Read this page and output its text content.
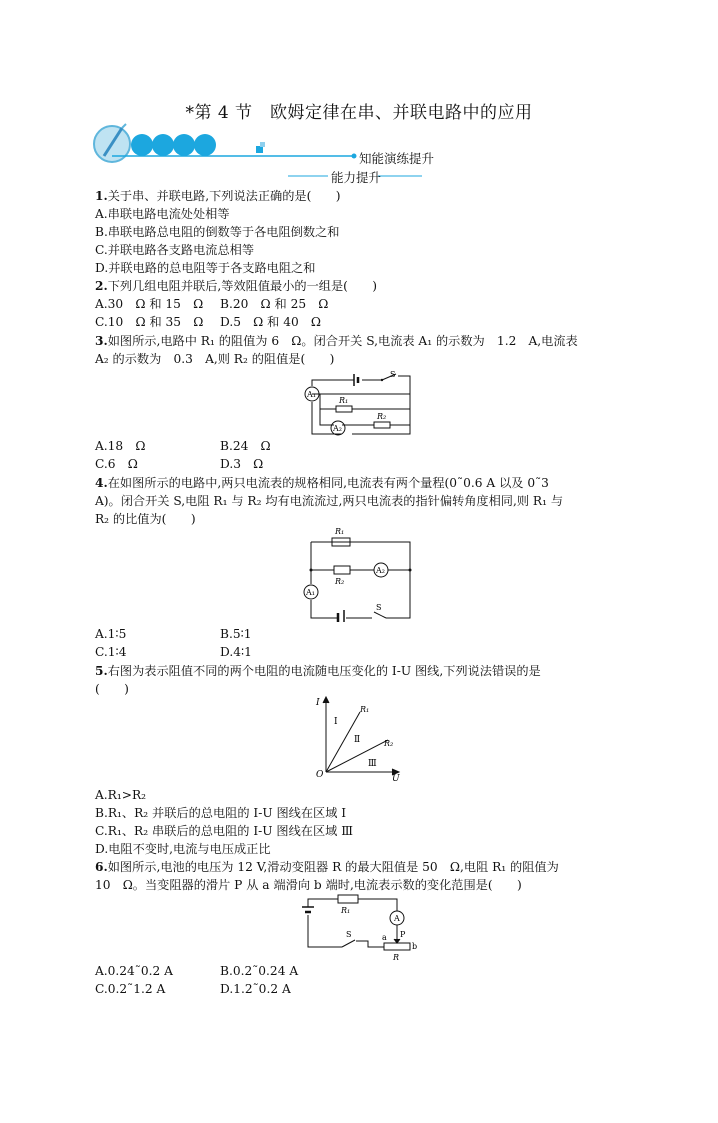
*第 4 节　欧姆定律在串、并联电路中的应用
知能演练提升
能力提升
1.关于串、并联电路,下列说法正确的是(　　)
A.串联电路电流处处相等
B.串联电路总电阻的倒数等于各电阻倒数之和
C.并联电路各支路电流总相等
D.并联电路的总电阻等于各支路电阻之和
2.下列几组电阻并联后,等效阻值最小的一组是(　　)
A.30　Ω 和 15　Ω B.20　Ω 和 25　Ω
C.10　Ω 和 35　Ω D.5　Ω 和 40　Ω
3.如图所示,电路中 R₁ 的阻值为 6　Ω。闭合开关 S,电流表 A₁ 的示数为　1.2　A,电流表
A₂ 的示数为　0.3　A,则 R₂ 的阻值是(　　)
A₁
A₂
R₁
R₂
S
A.18　Ω	B.24　Ω
C.6　Ω	D.3　Ω
4.在如图所示的电路中,两只电流表的规格相同,电流表有两个量程(0˜0.6 A 以及 0˜3
A)。闭合开关 S,电阻 R₁ 与 R₂ 均有电流流过,两只电流表的指针偏转角度相同,则 R₁ 与
R₂ 的比值为(　　)
R₁
R₂
A₂
A₁
S
A.1∶5	B.5∶1
C.1∶4	D.4∶1
5.右图为表示阻值不同的两个电阻的电流随电压变化的 I-U 图线,下列说法错误的是
(　　)
I
O	U
R₁
R₂
Ⅰ
Ⅱ
Ⅲ
A.R₁>R₂
B.R₁、R₂ 并联后的总电阻的 I-U 图线在区域 Ⅰ
C.R₁、R₂ 串联后的总电阻的 I-U 图线在区域 Ⅲ
D.电阻不变时,电流与电压成正比
6.如图所示,电池的电压为 12 V,滑动变阻器 R 的最大阻值是 50　Ω,电阻 R₁ 的阻值为
10　Ω。当变阻器的滑片 P 从 a 端滑向 b 端时,电流表示数的变化范围是(　　)
R₁
A
S	a P
b
R
A.0.24˜0.2 A	B.0.2˜0.24 A
C.0.2˜1.2 A	D.1.2˜0.2 A
